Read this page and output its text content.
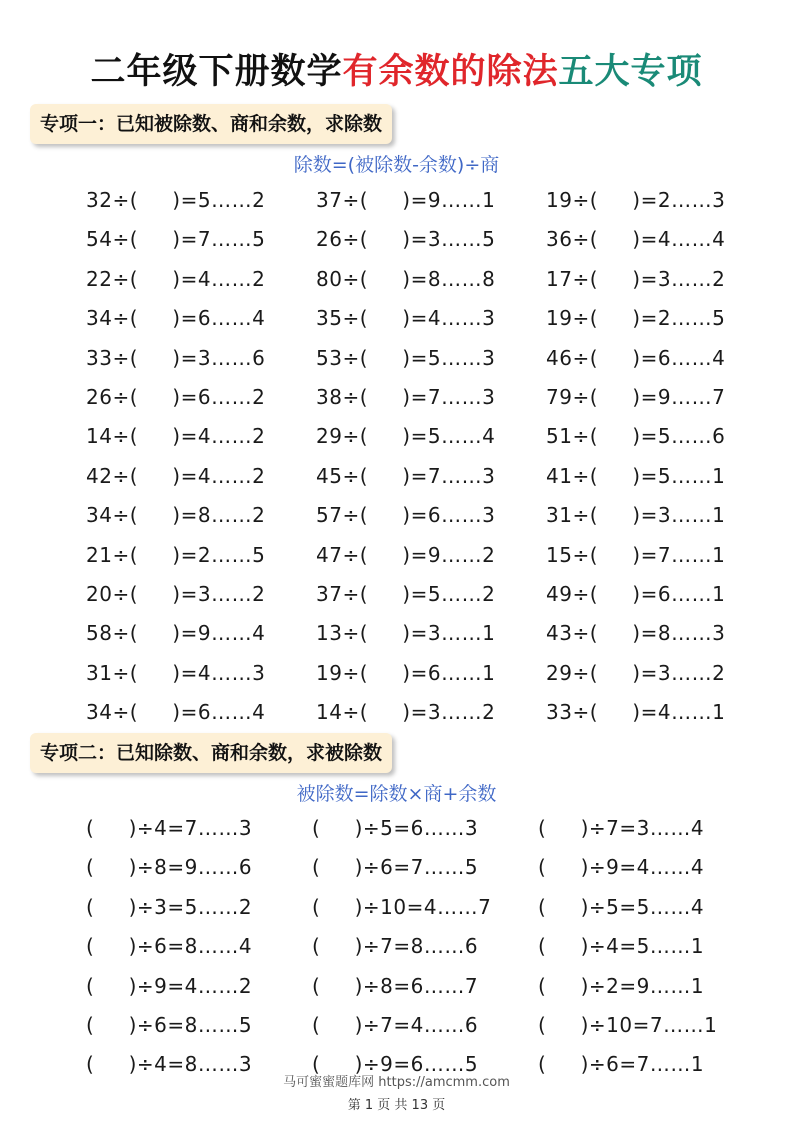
二年级下册数学有余数的除法五大专项
专项一：已知被除数、商和余数，求除数
除数=(被除数-余数)÷商
32÷(     )=5……2	37÷(     )=9……1	19÷(     )=2……3
54÷(     )=7……5	26÷(     )=3……5	36÷(     )=4……4
22÷(     )=4……2	80÷(     )=8……8	17÷(     )=3……2
34÷(     )=6……4	35÷(     )=4……3	19÷(     )=2……5
33÷(     )=3……6	53÷(     )=5……3	46÷(     )=6……4
26÷(     )=6……2	38÷(     )=7……3	79÷(     )=9……7
14÷(     )=4……2	29÷(     )=5……4	51÷(     )=5……6
42÷(     )=4……2	45÷(     )=7……3	41÷(     )=5……1
34÷(     )=8……2	57÷(     )=6……3	31÷(     )=3……1
21÷(     )=2……5	47÷(     )=9……2	15÷(     )=7……1
20÷(     )=3……2	37÷(     )=5……2	49÷(     )=6……1
58÷(     )=9……4	13÷(     )=3……1	43÷(     )=8……3
31÷(     )=4……3	19÷(     )=6……1	29÷(     )=3……2
34÷(     )=6……4	14÷(     )=3……2	33÷(     )=4……1
专项二：已知除数、商和余数，求被除数
被除数=除数×商+余数
(     )÷4=7……3	(     )÷5=6……3	(     )÷7=3……4
(     )÷8=9……6	(     )÷6=7……5	(     )÷9=4……4
(     )÷3=5……2	(     )÷10=4……7 (     )÷5=5……4
(     )÷6=8……4	(     )÷7=8……6	(     )÷4=5……1
(     )÷9=4……2	(     )÷8=6……7	(     )÷2=9……1
(     )÷6=8……5	(     )÷7=4……6	(     )÷10=7……1
(     )÷4=8……3	(     )÷9=6……5	(     )÷6=7……1
马可蜜蜜题库网 https://amcmm.com
第 1 页 共 13 页
